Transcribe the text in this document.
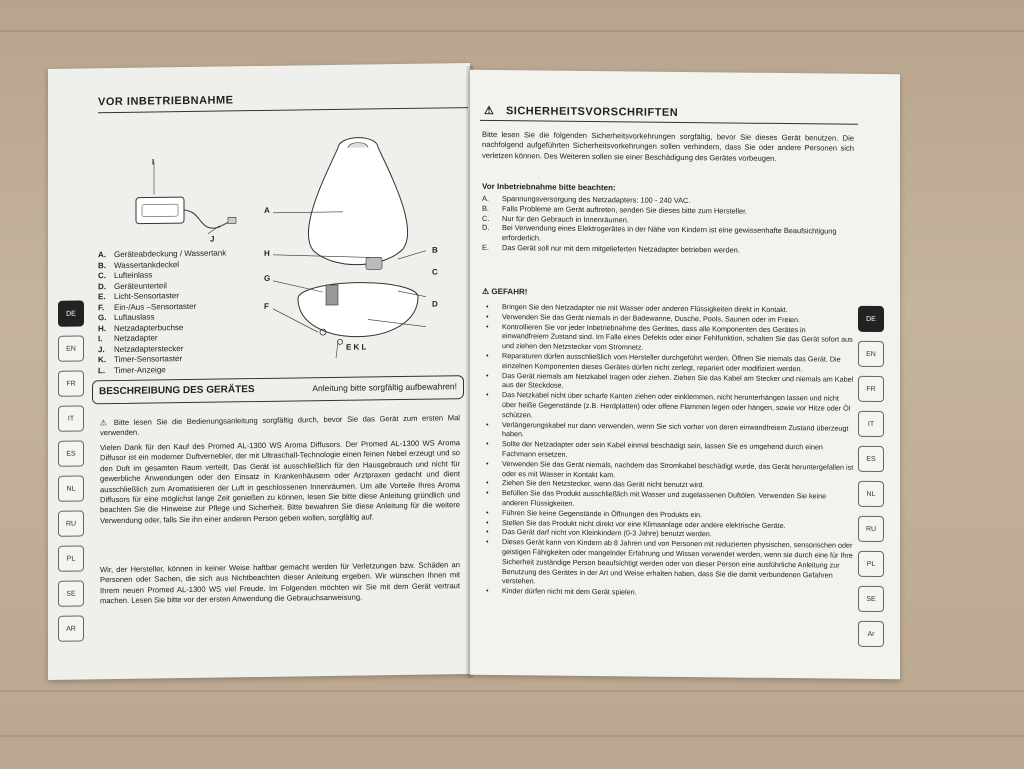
VOR INBETRIEBNAHME
I
J
A
H	B
G
C
F	D
E K L
A. Geräteabdeckung / Wassertank
B. Wassertankdeckel
C. Lufteinlass
D. Geräteunterteil
E. Licht-Sensortaster
F. Ein-/Aus –Sensortaster
G. Luftauslass
H. Netzadapterbuchse
I. Netzadapter
J. Netzadapterstecker
K. Timer-Sensortaster
L. Timer-Anzeige
BESCHREIBUNG DES GERÄTES	Anleitung bitte sorgfältig aufbewahren!
⚠ Bitte lesen Sie die Bedienungsanleitung sorgfältig durch, bevor Sie das Gerät zum ersten Mal verwenden.
Vielen Dank für den Kauf des Promed AL-1300 WS Aroma Diffusors. Der Promed AL-1300 WS Aroma Diffusor ist ein moderner Duftvernebler, der mit Ultraschall-Technologie einen feinen Nebel erzeugt und so den Duft im gesamten Raum verteilt. Das Gerät ist ausschließlich für den Hausgebrauch und nicht für gewerbliche Anwendungen oder den Einsatz in Krankenhäusern oder Arztpraxen gedacht und dient ausschließlich zum Aromatisieren der Luft in geschlossenen Innenräumen. Um alle Vorteile Ihres Aroma Diffusors für eine möglichst lange Zeit genießen zu können, lesen Sie bitte diese Anleitung gründlich und beachten Sie die Hinweise zur Pflege und Sicherheit. Bitte bewahren Sie diese Anleitung für die weitere Verwendung oder, falls Sie ihn einer anderen Person geben wollen, sorgfältig auf.
Wir, der Hersteller, können in keiner Weise haftbar gemacht werden für Verletzungen bzw. Schäden an Personen oder Sachen, die sich aus Nichtbeachten dieser Anleitung ergeben. Wir wünschen Ihnen mit Ihrem neuen Promed AL-1300 WS viel Freude. Im Folgenden möchten wir Sie mit dem Gerät vertraut machen. Lesen Sie bitte vor der ersten Anwendung die Gebrauchsanweisung.
DE
EN
FR
IT
ES
NL
RU
PL
SE
AR
⚠ SICHERHEITSVORSCHRIFTEN
Bitte lesen Sie die folgenden Sicherheitsvorkehrungen sorgfältig, bevor Sie dieses Gerät benutzen. Die nachfolgend aufgeführten Sicherheitsvorkehrungen sollen verhindern, dass Sie oder andere Personen sich verletzen können. Des Weiteren sollen sie einer Beschädigung des Gerätes vorbeugen.
Vor Inbetriebnahme bitte beachten:
A.	Spannungsversorgung des Netzadapters: 100 - 240 VAC.
B.	Falls Probleme am Gerät auftreten, senden Sie dieses bitte zum Hersteller.
C.	Nur für den Gebrauch in Innenräumen.
D.	Bei Verwendung eines Elektrogerätes in der Nähe von Kindern ist eine gewissenhafte Beaufsichtigung erforderlich.
E.	Das Gerät soll nur mit dem mitgelieferten Netzadapter betrieben werden.
⚠ GEFAHR!
• Bringen Sie den Netzadapter nie mit Wasser oder anderen Flüssigkeiten direkt in Kontakt.
• Verwenden Sie das Gerät niemals in der Badewanne, Dusche, Pools, Saunen oder im Freien.
• Kontrollieren Sie vor jeder Inbetriebnahme des Gerätes, dass alle Komponenten des Gerätes in einwandfreiem Zustand sind. Im Falle eines Defekts oder einer Fehlfunktion, schalten Sie das Gerät sofort aus und ziehen den Netzstecker vom Stromnetz.
• Reparaturen dürfen ausschließlich vom Hersteller durchgeführt werden. Öffnen Sie niemals das Gerät. Die einzelnen Komponenten dieses Gerätes dürfen nicht zerlegt, repariert oder modifiziert werden.
• Das Gerät niemals am Netzkabel tragen oder ziehen. Ziehen Sie das Kabel am Stecker und niemals am Kabel aus der Steckdose.
• Das Netzkabel nicht über scharfe Kanten ziehen oder einklemmen, nicht herunterhängen lassen und nicht über heiße Gegenstände (z.B. Herdplatten) oder offene Flammen legen oder hängen, sowie vor Hitze oder Öl schützen.
• Verlängerungskabel nur dann verwenden, wenn Sie sich vorher von deren einwandfreiem Zustand überzeugt haben.
• Sollte der Netzadapter oder sein Kabel einmal beschädigt sein, lassen Sie es umgehend durch einen Fachmann ersetzen.
• Verwenden Sie das Gerät niemals, nachdem das Stromkabel beschädigt wurde, das Gerät heruntergefallen ist oder es mit Wasser in Kontakt kam.
• Ziehen Sie den Netzstecker, wenn das Gerät nicht benutzt wird.
• Befüllen Sie das Produkt ausschließlich mit Wasser und zugelassenen Duftölen. Verwenden Sie keine anderen Flüssigkeiten.
• Führen Sie keine Gegenstände in Öffnungen des Produkts ein.
• Stellen Sie das Produkt nicht direkt vor eine Klimaanlage oder andere elektrische Geräte.
• Das Gerät darf nicht von Kleinkindern (0-3 Jahre) benutzt werden.
• Dieses Gerät kann von Kindern ab 8 Jahren und von Personen mit reduzierten physischen, sensorischen oder geistigen Fähigkeiten oder mangelnder Erfahrung und Wissen verwendet werden, wenn sie durch eine für Ihre Sicherheit zuständige Person beaufsichtigt werden oder von dieser Person eine ausführliche Anleitung zur Benutzung des Gerätes in der Art und Weise erhalten haben, dass Sie die damit verbundenen Gefahren verstehen.
• Kinder dürfen nicht mit dem Gerät spielen.
DE
EN
FR
IT
ES
NL
RU
PL
SE
Ar
